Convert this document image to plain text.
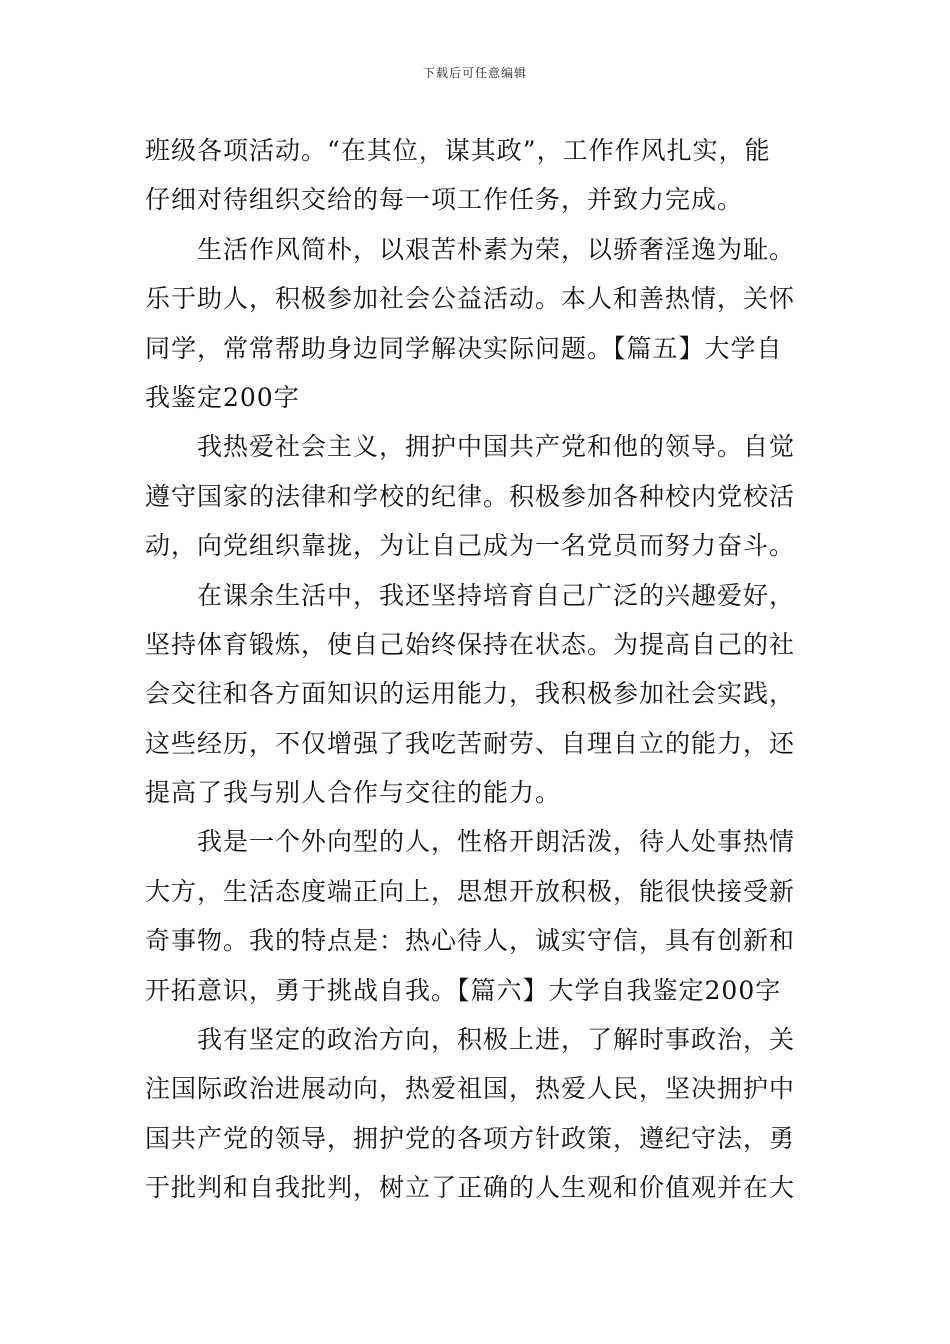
下载后可任意编辑
班级各项活动。“在其位，谋其政”，工作作风扎实，能
仔细对待组织交给的每一项工作任务，并致力完成。
生活作风简朴，以艰苦朴素为荣，以骄奢淫逸为耻。
乐于助人，积极参加社会公益活动。本人和善热情，关怀
同学，常常帮助身边同学解决实际问题。【篇五】大学自
我鉴定200字
我热爱社会主义，拥护中国共产党和他的领导。自觉
遵守国家的法律和学校的纪律。积极参加各种校内党校活
动，向党组织靠拢，为让自己成为一名党员而努力奋斗。
在课余生活中，我还坚持培育自己广泛的兴趣爱好，
坚持体育锻炼，使自己始终保持在状态。为提高自己的社
会交往和各方面知识的运用能力，我积极参加社会实践，
这些经历，不仅增强了我吃苦耐劳、自理自立的能力，还
提高了我与别人合作与交往的能力。
我是一个外向型的人，性格开朗活泼，待人处事热情
大方，生活态度端正向上，思想开放积极，能很快接受新
奇事物。我的特点是：热心待人，诚实守信，具有创新和
开拓意识，勇于挑战自我。【篇六】大学自我鉴定200字
我有坚定的政治方向，积极上进，了解时事政治，关
注国际政治进展动向，热爱祖国，热爱人民，坚决拥护中
国共产党的领导，拥护党的各项方针政策，遵纪守法，勇
于批判和自我批判，树立了正确的人生观和价值观并在大
